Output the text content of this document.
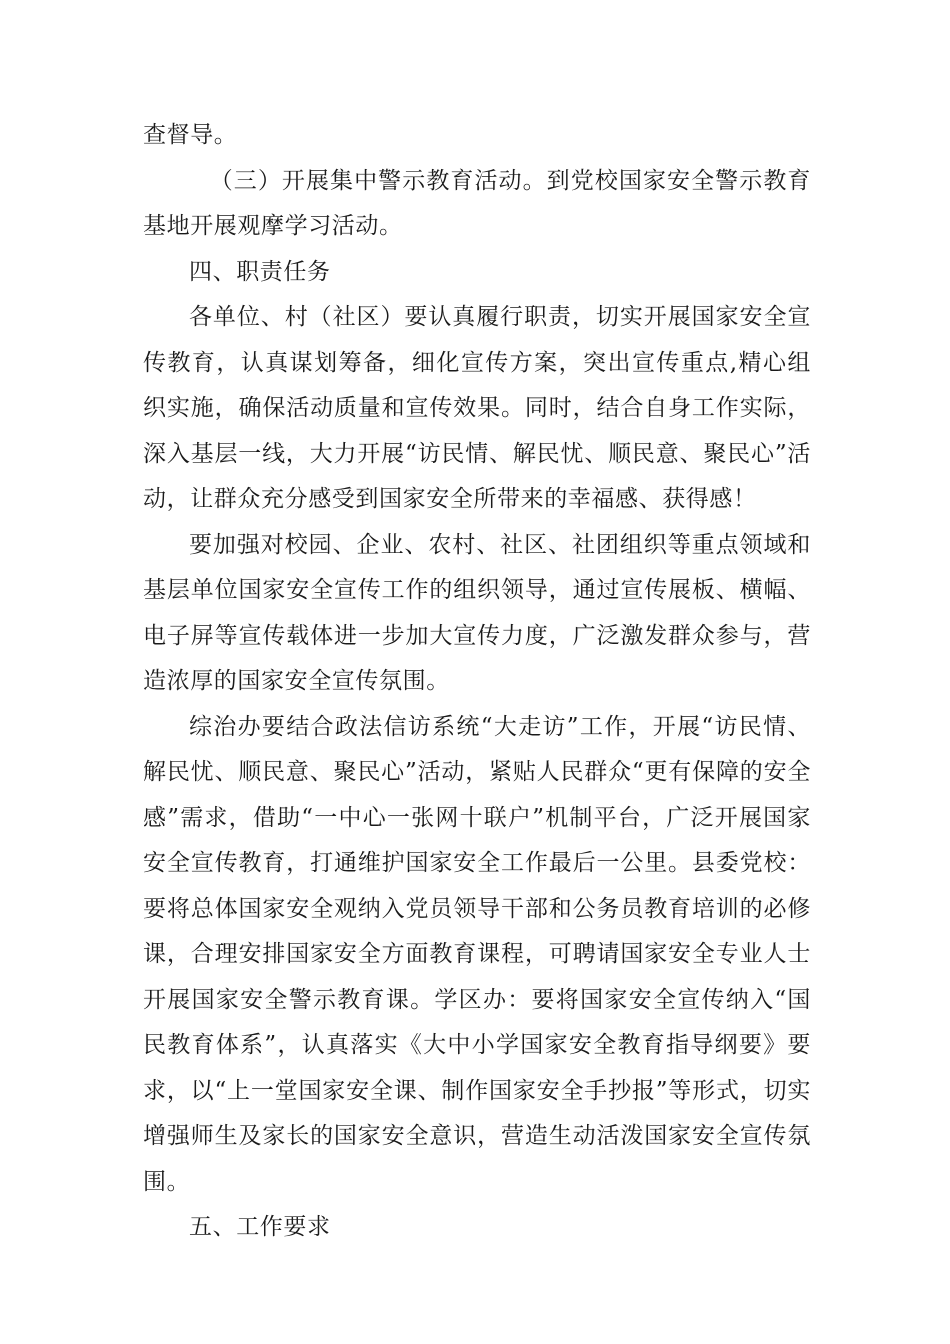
查督导。

（三）开展集中警示教育活动。到党校国家安全警示教育基地开展观摩学习活动。

四、职责任务

各单位、村（社区）要认真履行职责，切实开展国家安全宣传教育，认真谋划筹备，细化宣传方案，突出宣传重点,精心组织实施，确保活动质量和宣传效果。同时，结合自身工作实际，深入基层一线，大力开展“访民情、解民忧、顺民意、聚民心”活动，让群众充分感受到国家安全所带来的幸福感、获得感！

要加强对校园、企业、农村、社区、社团组织等重点领域和基层单位国家安全宣传工作的组织领导，通过宣传展板、横幅、电子屏等宣传载体进一步加大宣传力度，广泛激发群众参与，营造浓厚的国家安全宣传氛围。

综治办要结合政法信访系统“大走访”工作，开展“访民情、解民忧、顺民意、聚民心”活动，紧贴人民群众“更有保障的安全感”需求，借助“一中心一张网十联户”机制平台，广泛开展国家安全宣传教育，打通维护国家安全工作最后一公里。县委党校：要将总体国家安全观纳入党员领导干部和公务员教育培训的必修课，合理安排国家安全方面教育课程，可聘请国家安全专业人士开展国家安全警示教育课。学区办：要将国家安全宣传纳入“国民教育体系”，认真落实《大中小学国家安全教育指导纲要》要求，以“上一堂国家安全课、制作国家安全手抄报”等形式，切实增强师生及家长的国家安全意识，营造生动活泼国家安全宣传氛围。

五、工作要求
